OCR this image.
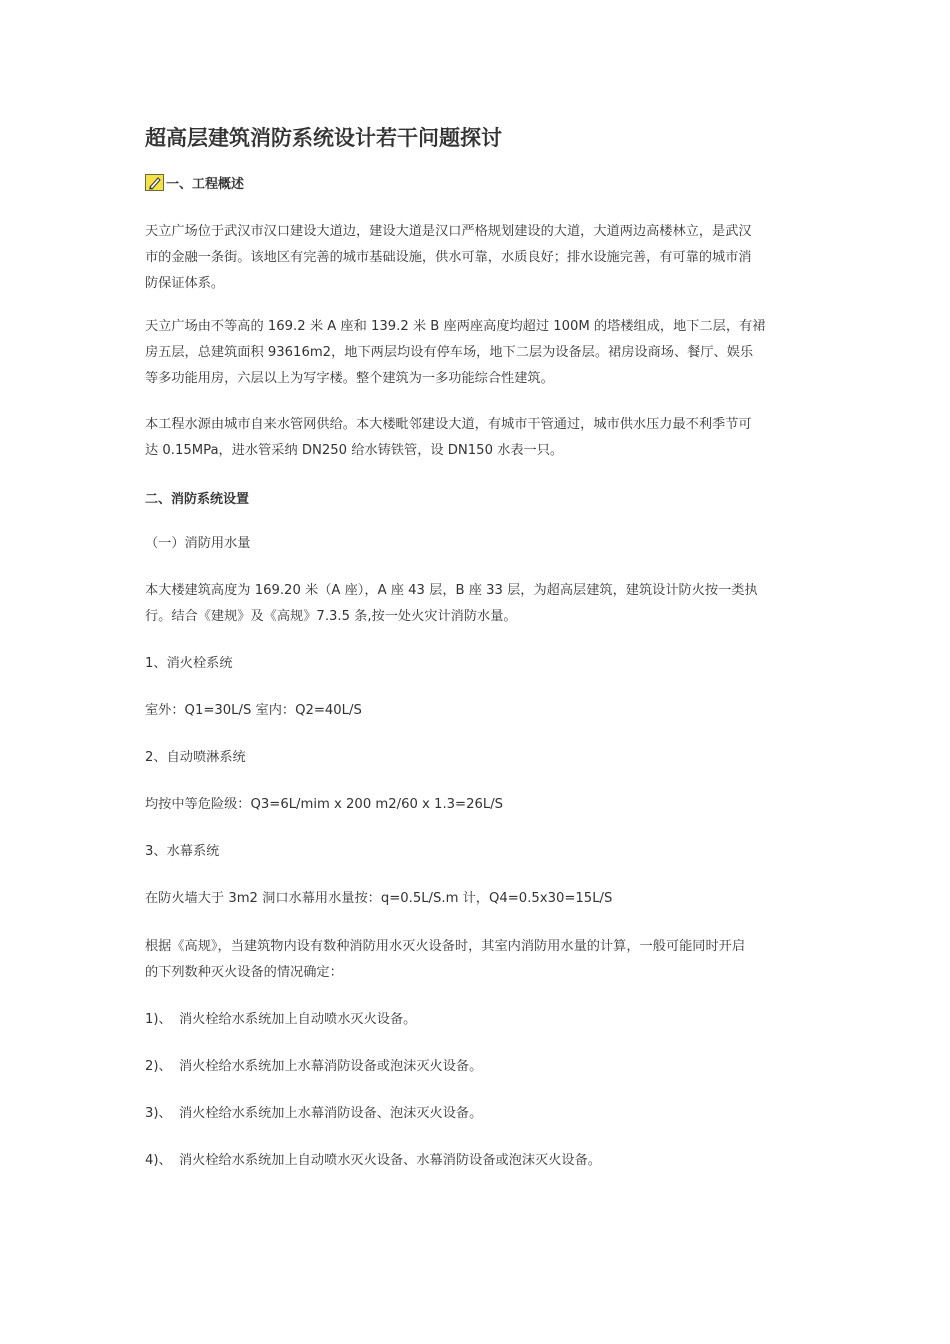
超高层建筑消防系统设计若干问题探讨
一、工程概述
天立广场位于武汉市汉口建设大道边，建设大道是汉口严格规划建设的大道，大道两边高楼林立，是武汉
市的金融一条街。该地区有完善的城市基础设施，供水可靠，水质良好；排水设施完善，有可靠的城市消
防保证体系。
天立广场由不等高的 169.2 米 A 座和 139.2 米 B 座两座高度均超过 100M 的塔楼组成，地下二层，有裙
房五层，总建筑面积 93616m2，地下两层均设有停车场，地下二层为设备层。裙房设商场、餐厅、娱乐
等多功能用房，六层以上为写字楼。整个建筑为一多功能综合性建筑。
本工程水源由城市自来水管网供给。本大楼毗邻建设大道，有城市干管通过，城市供水压力最不利季节可
达 0.15MPa，进水管采纳 DN250 给水铸铁管，设 DN150 水表一只。
二、消防系统设置

（一）消防用水量

本大楼建筑高度为 169.20 米（A 座），A 座 43 层，B 座 33 层，为超高层建筑，建筑设计防火按一类执
行。结合《建规》及《高规》7.3.5 条,按一处火灾计消防水量。

1、消火栓系统

室外：Q1=30L/S 室内：Q2=40L/S

2、自动喷淋系统

均按中等危险级：Q3=6L/mim x 200 m2/60 x 1.3=26L/S

3、水幕系统

在防火墙大于 3m2 洞口水幕用水量按：q=0.5L/S.m 计，Q4=0.5x30=15L/S

根据《高规》，当建筑物内设有数种消防用水灭火设备时，其室内消防用水量的计算，一般可能同时开启
的下列数种灭火设备的情况确定：

1)、 消火栓给水系统加上自动喷水灭火设备。

2)、 消火栓给水系统加上水幕消防设备或泡沫灭火设备。

3)、 消火栓给水系统加上水幕消防设备、泡沫灭火设备。

4)、 消火栓给水系统加上自动喷水灭火设备、水幕消防设备或泡沫灭火设备。
